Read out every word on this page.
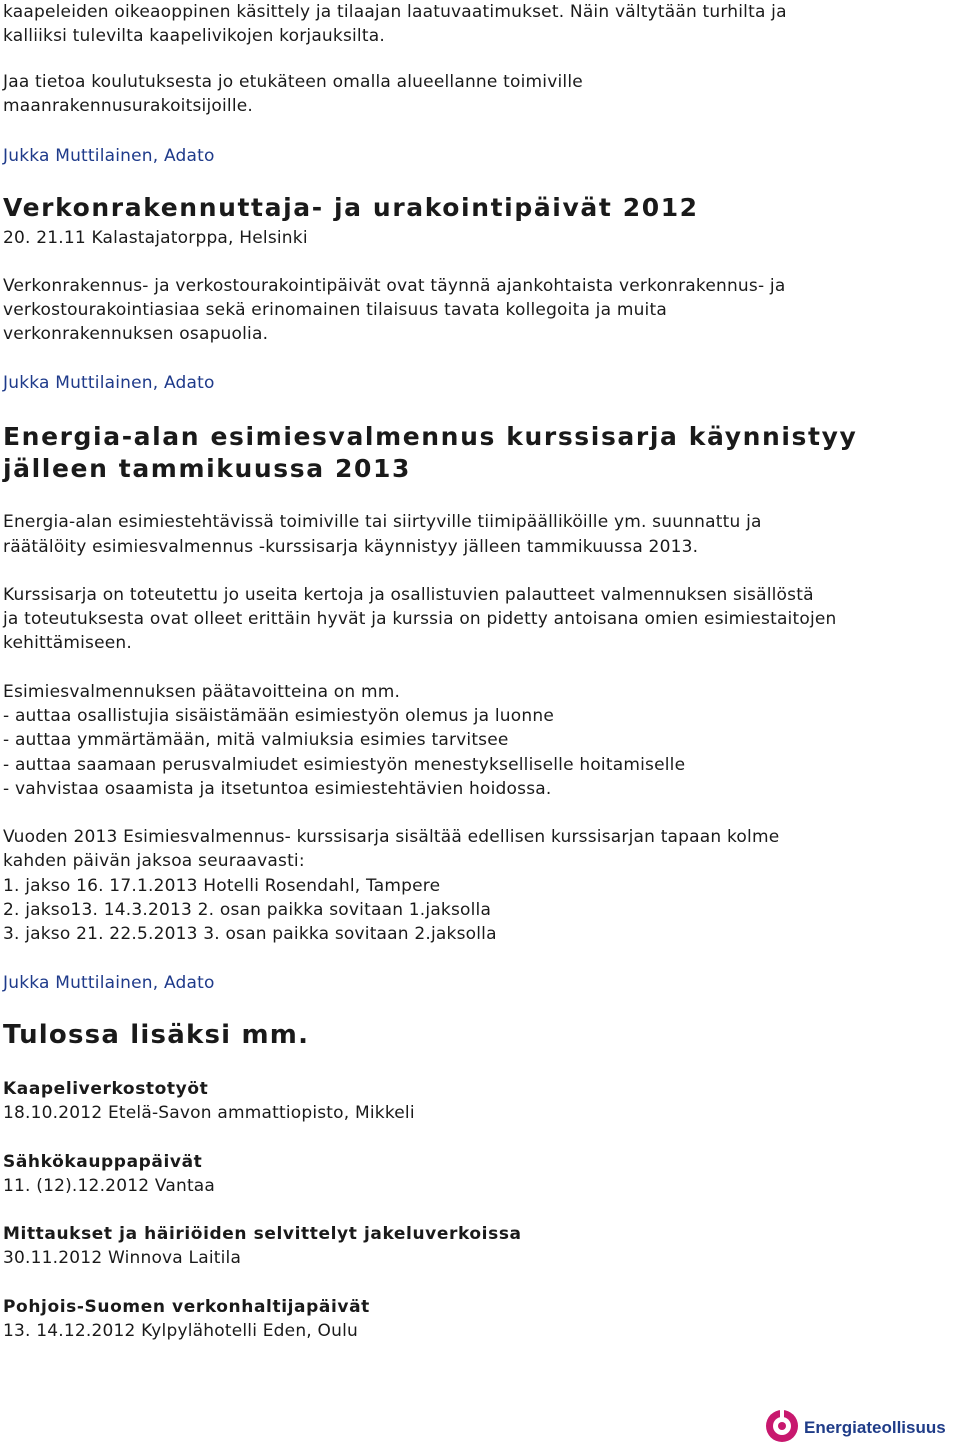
kaapeleiden oikeaoppinen käsittely ja tilaajan laatuvaatimukset. Näin vältytään turhilta ja
kalliiksi tulevilta kaapelivikojen korjauksilta.
Jaa tietoa koulutuksesta jo etukäteen omalla alueellanne toimiville
maanrakennusurakoitsijoille.
Jukka Muttilainen, Adato
Verkonrakennuttaja- ja urakointipäivät 2012
20. 21.11 Kalastajatorppa, Helsinki
Verkonrakennus- ja verkostourakointipäivät ovat täynnä ajankohtaista verkonrakennus- ja
verkostourakointiasiaa sekä erinomainen tilaisuus tavata kollegoita ja muita
verkonrakennuksen osapuolia.
Jukka Muttilainen, Adato
Energia-alan esimiesvalmennus kurssisarja käynnistyy
jälleen tammikuussa 2013
Energia-alan esimiestehtävissä toimiville tai siirtyville tiimipäälliköille ym. suunnattu ja
räätälöity esimiesvalmennus -kurssisarja käynnistyy jälleen tammikuussa 2013.
Kurssisarja on toteutettu jo useita kertoja ja osallistuvien palautteet valmennuksen sisällöstä
ja toteutuksesta ovat olleet erittäin hyvät ja kurssia on pidetty antoisana omien esimiestaitojen
kehittämiseen.
Esimiesvalmennuksen päätavoitteina on mm.
- auttaa osallistujia sisäistämään esimiestyön olemus ja luonne
- auttaa ymmärtämään, mitä valmiuksia esimies tarvitsee
- auttaa saamaan perusvalmiudet esimiestyön menestykselliselle hoitamiselle
- vahvistaa osaamista ja itsetuntoa esimiestehtävien hoidossa.
Vuoden 2013 Esimiesvalmennus- kurssisarja sisältää edellisen kurssisarjan tapaan kolme
kahden päivän jaksoa seuraavasti:
1. jakso 16. 17.1.2013 Hotelli Rosendahl, Tampere
2. jakso13. 14.3.2013 2. osan paikka sovitaan 1.jaksolla
3. jakso 21. 22.5.2013 3. osan paikka sovitaan 2.jaksolla
Jukka Muttilainen, Adato
Tulossa lisäksi mm.
Kaapeliverkostotyöt
18.10.2012 Etelä-Savon ammattiopisto, Mikkeli
Sähkökauppapäivät
11. (12).12.2012 Vantaa
Mittaukset ja häiriöiden selvittelyt jakeluverkoissa
30.11.2012 Winnova Laitila
Pohjois-Suomen verkonhaltijapäivät
13. 14.12.2012 Kylpylähotelli Eden, Oulu
Energiateollisuus
